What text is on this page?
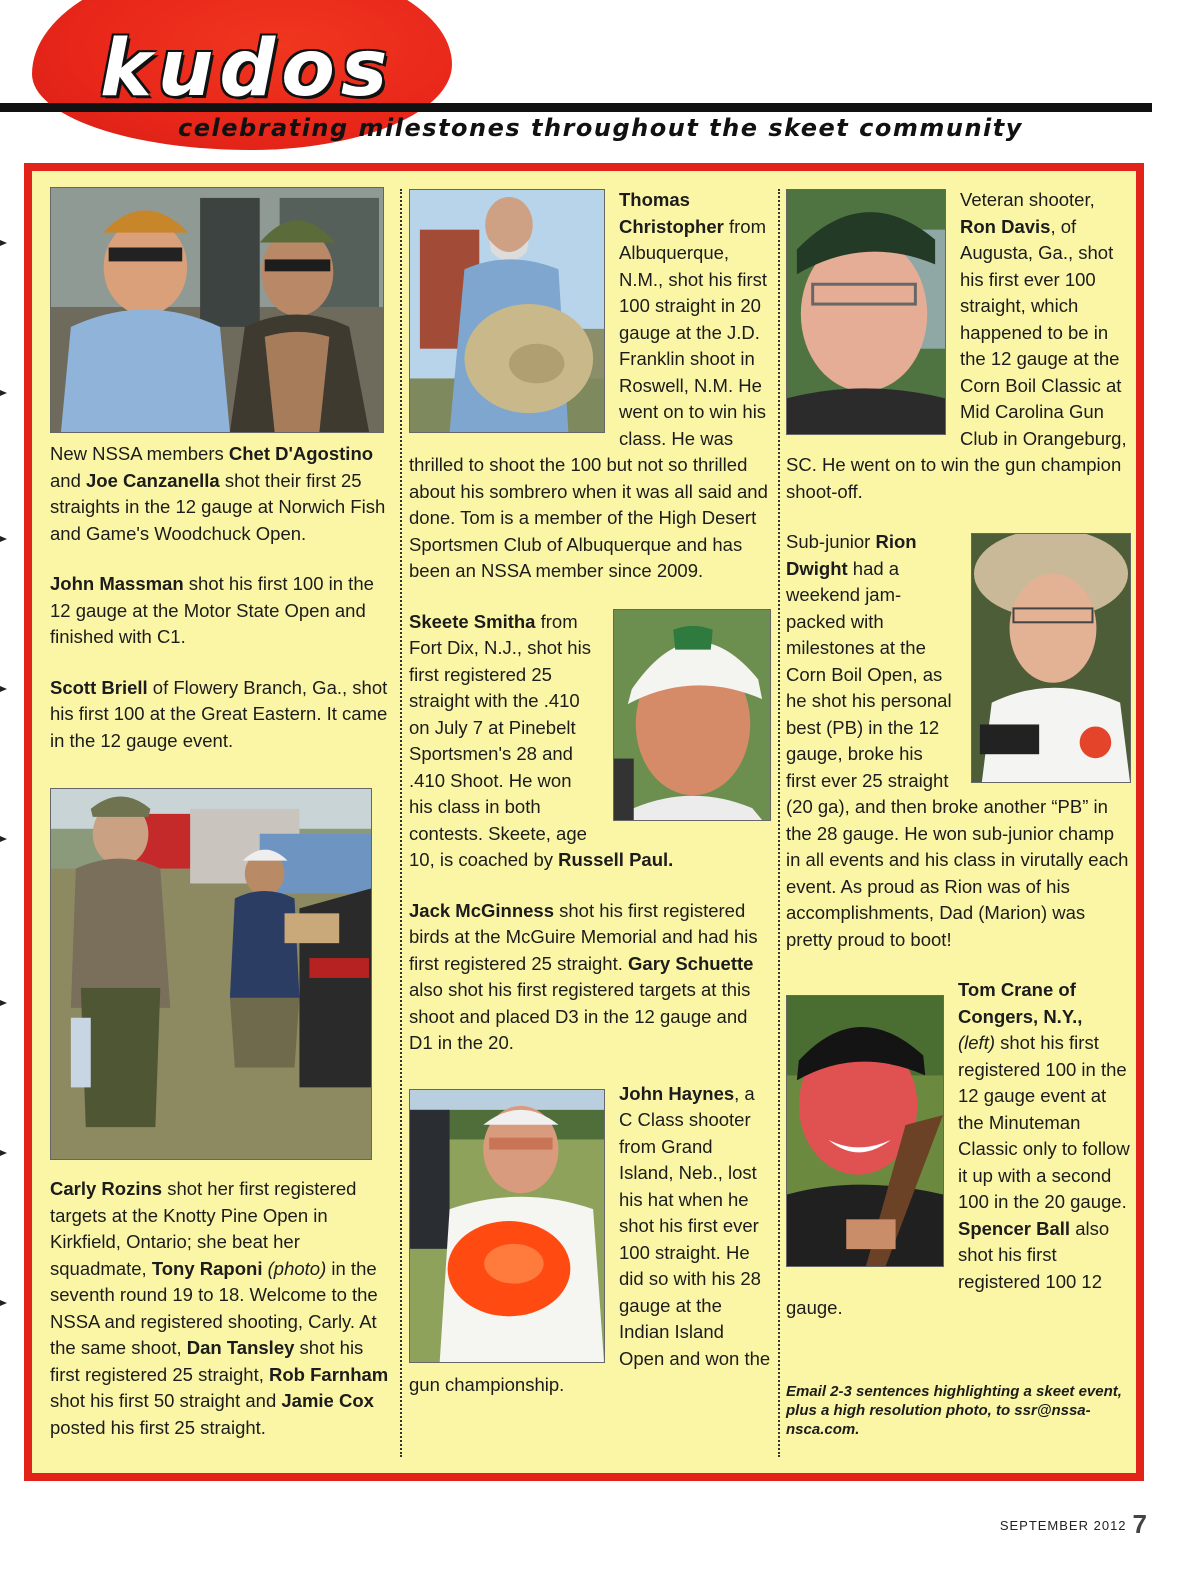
kudos
celebrating milestones throughout the skeet community

New NSSA members Chet D'Agostino and Joe Canzanella shot their first 25 straights in the 12 gauge at Norwich Fish and Game's Woodchuck Open.

John Massman shot his first 100 in the 12 gauge at the Motor State Open and finished with C1.

Scott Briell of Flowery Branch, Ga., shot his first 100 at the Great Eastern. It came in the 12 gauge event.

Carly Rozins shot her first registered targets at the Knotty Pine Open in Kirkfield, Ontario; she beat her squadmate, Tony Raponi (photo) in the seventh round 19 to 18. Welcome to the NSSA and registered shooting, Carly. At the same shoot, Dan Tansley shot his first registered 25 straight, Rob Farnham shot his first 50 straight and Jamie Cox posted his first 25 straight.

Thomas Christopher from Albuquerque, N.M., shot his first 100 straight in 20 gauge at the J.D. Franklin shoot in Roswell, N.M. He went on to win his class. He was thrilled to shoot the 100 but not so thrilled about his sombrero when it was all said and done. Tom is a member of the High Desert Sportsmen Club of Albuquerque and has been an NSSA member since 2009.

Skeete Smitha from Fort Dix, N.J., shot his first registered 25 straight with the .410 on July 7 at Pinebelt Sportsmen's 28 and .410 Shoot. He won his class in both contests. Skeete, age 10, is coached by Russell Paul.

Jack McGinness shot his first registered birds at the McGuire Memorial and had his first registered 25 straight. Gary Schuette also shot his first registered targets at this shoot and placed D3 in the 12 gauge and D1 in the 20.

John Haynes, a C Class shooter from Grand Island, Neb., lost his hat when he shot his first ever 100 straight. He did so with his 28 gauge at the Indian Island Open and won the gun championship.

Veteran shooter, Ron Davis, of Augusta, Ga., shot his first ever 100 straight, which happened to be in the 12 gauge at the Corn Boil Classic at Mid Carolina Gun Club in Orangeburg, SC. He went on to win the gun champion shoot-off.

Sub-junior Rion Dwight had a weekend jam-packed with milestones at the Corn Boil Open, as he shot his personal best (PB) in the 12 gauge, broke his first ever 25 straight (20 ga), and then broke another “PB” in the 28 gauge. He won sub-junior champ in all events and his class in virutally each event. As proud as Rion was of his accomplishments, Dad (Marion) was pretty proud to boot!

Tom Crane of Congers, N.Y.,
(left) shot his first registered 100 in the 12 gauge event at the Minuteman Classic only to follow it up with a second 100 in the 20 gauge. Spencer Ball also shot his first registered 100 12 gauge.

Email 2-3 sentences highlighting a skeet event, plus a high resolution photo, to ssr@nssa-nsca.com.

SEPTEMBER 2012 7
